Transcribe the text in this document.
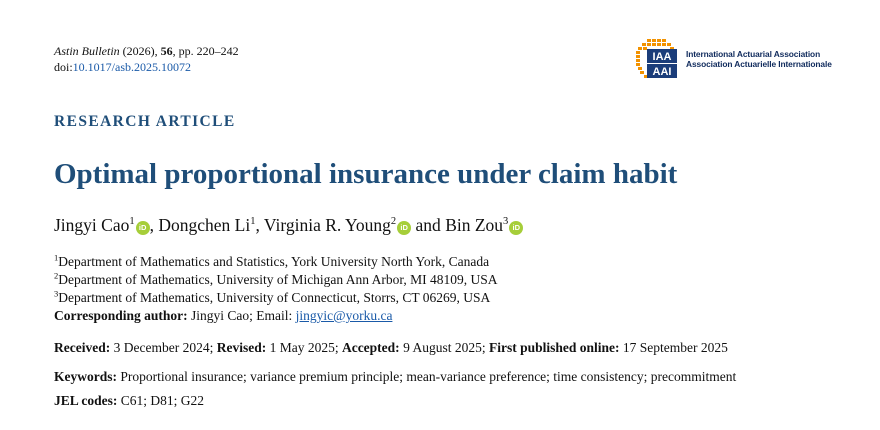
Astin Bulletin (2026), 56, pp. 220–242
doi:10.1017/asb.2025.10072
IAA
AAI
International Actuarial Association
Association Actuarielle Internationale
RESEARCH ARTICLE
Optimal proportional insurance under claim habit
Jingyi Cao$^1$iD , Dongchen Li$^1$, Virginia R. Young$^2$iD and Bin Zou$^3$iD
$^1$Department of Mathematics and Statistics, York University North York, Canada
$^2$Department of Mathematics, University of Michigan Ann Arbor, MI 48109, USA
$^3$Department of Mathematics, University of Connecticut, Storrs, CT 06269, USA
Corresponding author: Jingyi Cao; Email: jingyic@yorku.ca
Received: 3 December 2024; Revised: 1 May 2025; Accepted: 9 August 2025; First published online: 17 September 2025
Keywords: Proportional insurance; variance premium principle; mean-variance preference; time consistency; precommitment
JEL codes: C61; D81; G22
